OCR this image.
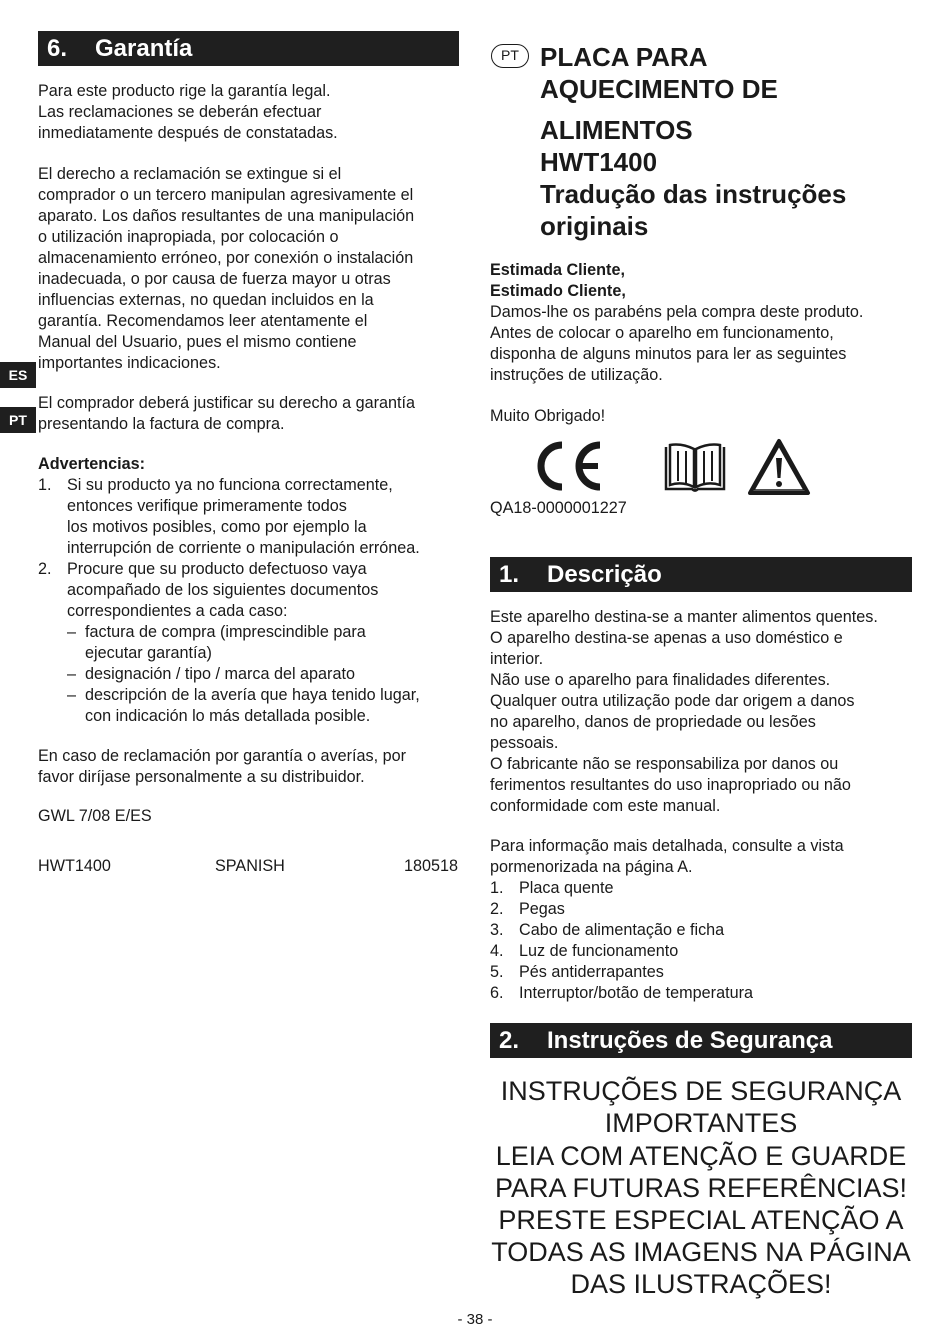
ES
PT
6. Garantía
Para este producto rige la garantía legal.
Las reclamaciones se deberán efectuar
inmediatamente después de constatadas.
El derecho a reclamación se extingue si el
comprador o un tercero manipulan agresivamente el
aparato. Los daños resultantes de una manipulación
o utilización inapropiada, por colocación o
almacenamiento erróneo, por conexión o instalación
inadecuada, o por causa de fuerza mayor u otras
influencias externas, no quedan incluidos en la
garantía. Recomendamos leer atentamente el
Manual del Usuario, pues el mismo contiene
importantes indicaciones.
El comprador deberá justificar su derecho a garantía
presentando la factura de compra.
Advertencias:
1. Si su producto ya no funciona correctamente,
entonces verifique primeramente todos
los motivos posibles, como por ejemplo la
interrupción de corriente o manipulación errónea.
2. Procure que su producto defectuoso vaya
acompañado de los siguientes documentos
correspondientes a cada caso:
– factura de compra (imprescindible para
ejecutar garantía)
– designación / tipo / marca del aparato
– descripción de la avería que haya tenido lugar,
con indicación lo más detallada posible.
En caso de reclamación por garantía o averías, por
favor diríjase personalmente a su distribuidor.
GWL 7/08 E/ES
HWT1400	SPANISH	180518
PT PLACA PARA
AQUECIMENTO DE
ALIMENTOS
HWT1400
Tradução das instruções
originais
Estimada Cliente,
Estimado Cliente,
Damos-lhe os parabéns pela compra deste produto.
Antes de colocar o aparelho em funcionamento,
disponha de alguns minutos para ler as seguintes
instruções de utilização.
Muito Obrigado!
QA18-0000001227
1. Descrição
Este aparelho destina-se a manter alimentos quentes.
O aparelho destina-se apenas a uso doméstico e
interior.
Não use o aparelho para finalidades diferentes.
Qualquer outra utilização pode dar origem a danos
no aparelho, danos de propriedade ou lesões
pessoais.
O fabricante não se responsabiliza por danos ou
ferimentos resultantes do uso inapropriado ou não
conformidade com este manual.
Para informação mais detalhada, consulte a vista
pormenorizada na página A.
1. Placa quente
2. Pegas
3. Cabo de alimentação e ficha
4. Luz de funcionamento
5. Pés antiderrapantes
6. Interruptor/botão de temperatura
2. Instruções de Segurança
INSTRUÇÕES DE SEGURANÇA
IMPORTANTES
LEIA COM ATENÇÃO E GUARDE
PARA FUTURAS REFERÊNCIAS!
PRESTE ESPECIAL ATENÇÃO A
TODAS AS IMAGENS NA PÁGINA
DAS ILUSTRAÇÕES!
- 38 -
